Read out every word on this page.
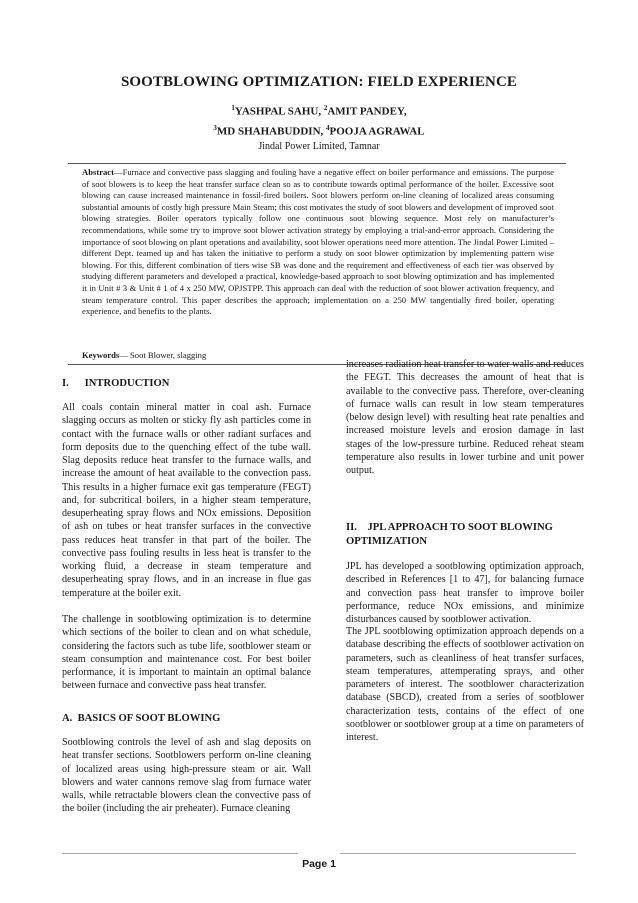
SOOTBLOWING OPTIMIZATION: FIELD EXPERIENCE
$^1$YASHPAL SAHU, $^2$AMIT PANDEY,
$^3$MD SHAHABUDDIN, $^4$POOJA AGRAWAL
Jindal Power Limited, Tamnar

Abstract—Furnace and convective pass slagging and fouling have a negative effect on boiler performance and emissions. The purpose of soot blowers is to keep the heat transfer surface clean so as to contribute towards optimal performance of the boiler. Excessive soot blowing can cause increased maintenance in fossil-fired boilers. Soot blowers perform on-line cleaning of localized areas consuming substantial amounts of costly high pressure Main Steam; this cost motivates the study of soot blowers and development of improved soot blowing strategies. Boiler operators typically follow one continuous soot blowing sequence. Most rely on manufacturer’s recommendations, while some try to improve soot blower activation strategy by employing a trial-and-error approach. Considering the importance of soot blowing on plant operations and availability, soot blower operations need more attention. The Jindal Power Limited – different Dept. teamed up and has taken the initiative to perform a study on soot blower optimization by implementing pattern wise blowing. For this, different combination of tiers wise SB was done and the requirement and effectiveness of each tier was observed by studying different parameters and developed a practical, knowledge-based approach to soot blowing optimization and has implemented it in Unit # 3 & Unit # 1 of 4 x 250 MW, OPJSTPP. This approach can deal with the reduction of soot blower activation frequency, and steam temperature control. This paper describes the approach; implementation on a 250 MW tangentially fired boiler, operating experience, and benefits to the plants.

Keywords— Soot Blower, slagging

I.      INTRODUCTION

All coals contain mineral matter in coal ash. Furnace slagging occurs as molten or sticky fly ash particles come in contact with the furnace walls or other radiant surfaces and form deposits due to the quenching effect of the tube wall. Slag deposits reduce heat transfer to the furnace walls, and increase the amount of heat available to the convection pass. This results in a higher furnace exit gas temperature (FEGT) and, for subcritical boilers, in a higher steam temperature, desuperheating spray flows and NOx emissions. Deposition of ash on tubes or heat transfer surfaces in the convective pass reduces heat transfer in that part of the boiler. The convective pass fouling results in less heat is transfer to the working fluid, a decrease in steam temperature and desuperheating spray flows, and in an increase in flue gas temperature at the boiler exit.

The challenge in sootblowing optimization is to determine which sections of the boiler to clean and on what schedule, considering the factors such as tube life, sootblower steam or steam consumption and maintenance cost. For best boiler performance, it is important to maintain an optimal balance between furnace and convective pass heat transfer.

A.  BASICS OF SOOT BLOWING

Sootblowing controls the level of ash and slag deposits on heat transfer sections. Sootblowers perform on-line cleaning of localized areas using high-pressure steam or air. Wall blowers and water cannons remove slag from furnace water walls, while retractable blowers clean the convective pass of the boiler (including the air preheater). Furnace cleaning

increases radiation heat transfer to water walls and reduces the FEGT. This decreases the amount of heat that is available to the convective pass. Therefore, over-cleaning of furnace walls can result in low steam temperatures (below design level) with resulting heat rate penalties and increased moisture levels and erosion damage in last stages of the low-pressure turbine. Reduced reheat steam temperature also results in lower turbine and unit power output.

II.    JPL APPROACH TO SOOT BLOWING OPTIMIZATION

JPL has developed a sootblowing optimization approach, described in References [1 to 47], for balancing furnace and convection pass heat transfer to improve boiler performance, reduce NOx emissions, and minimize disturbances caused by sootblower activation.

The JPL sootblowing optimization approach depends on a database describing the effects of sootblower activation on parameters, such as cleanliness of heat transfer surfaces, steam temperatures, attemperating sprays, and other parameters of interest. The sootblower characterization database (SBCD), created from a series of sootblower characterization tests, contains of the effect of one sootblower or sootblower group at a time on parameters of interest.

Page 1
